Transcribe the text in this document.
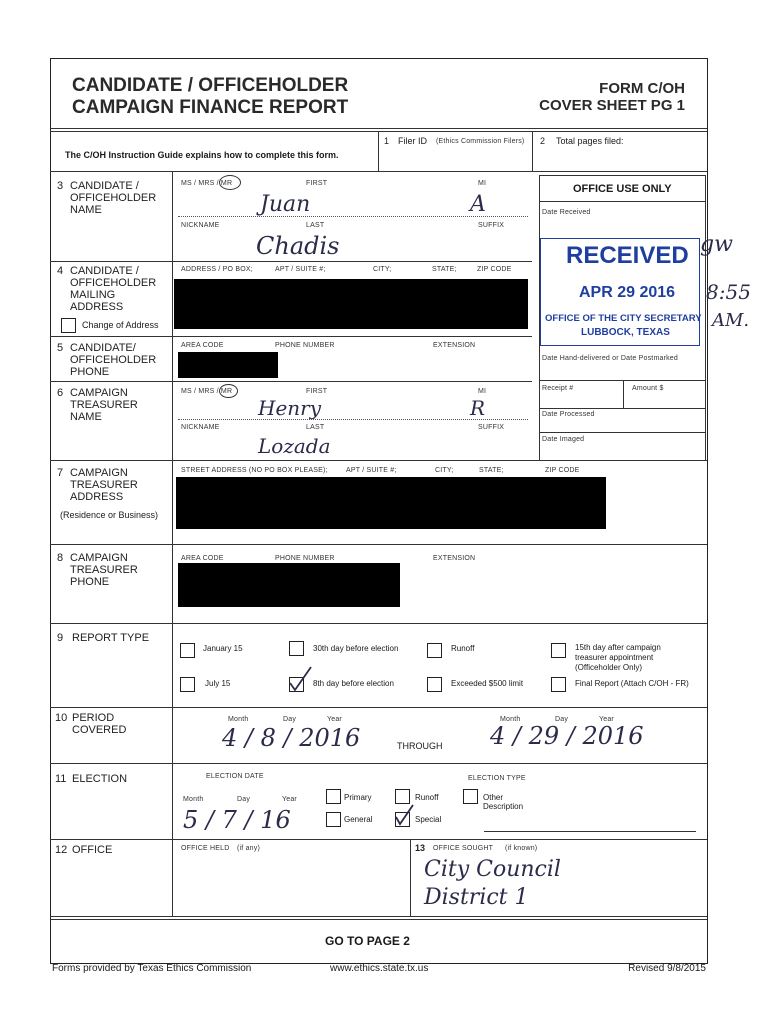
CANDIDATE / OFFICEHOLDER
CAMPAIGN FINANCE REPORT
FORM C/OH
COVER SHEET PG 1
The C/OH Instruction Guide explains how to complete this form.
1 Filer ID (Ethics Commission Filers) 2 Total pages filed:
3 CANDIDATE /
OFFICEHOLDER
NAME
MS / MRS / MR	FIRST	MI
Juan	A
NICKNAME	LAST	SUFFIX
Chadis
4 CANDIDATE /
OFFICEHOLDER
MAILING
ADDRESS
Change of Address
ADDRESS / PO BOX;	APT / SUITE #;	CITY;	STATE;	ZIP CODE
5 CANDIDATE/
OFFICEHOLDER
PHONE
AREA CODE	PHONE NUMBER	EXTENSION
6 CAMPAIGN
TREASURER
NAME
MS / MRS / MR	FIRST	MI
Henry	R
NICKNAME	LAST	SUFFIX
Lozada
OFFICE USE ONLY
Date Received
RECEIVED
APR 29 2016
OFFICE OF THE CITY SECRETARY
LUBBOCK, TEXAS
Date Hand-delivered or Date Postmarked
Receipt #	Amount $
Date Processed
Date Imaged
gw
8:55
AM.
7 CAMPAIGN
TREASURER
ADDRESS
(Residence or Business)
STREET ADDRESS (NO PO BOX PLEASE);	APT / SUITE #;	CITY;	STATE;	ZIP CODE
8 CAMPAIGN
TREASURER
PHONE
AREA CODE	PHONE NUMBER	EXTENSION
9 REPORT TYPE
January 15	30th day before election	Runoff	15th day after campaign
treasurer appointment
(Officeholder Only)
July 15	8th day before election	Exceeded $500 limit	Final Report (Attach C/OH - FR)
10 PERIOD
COVERED
Month	Day	Year
4 / 8 / 2016	THROUGH
Month	Day	Year
4 / 29 / 2016
11 ELECTION	ELECTION DATE	ELECTION TYPE
Month	Day	Year
5 / 7 / 16
Primary	Runoff	Other
Description
General	Special
12 OFFICE	OFFICE HELD (if any)	13 OFFICE SOUGHT (if known)
City Council
District 1
GO TO PAGE 2
Forms provided by Texas Ethics Commission	www.ethics.state.tx.us	Revised 9/8/2015
